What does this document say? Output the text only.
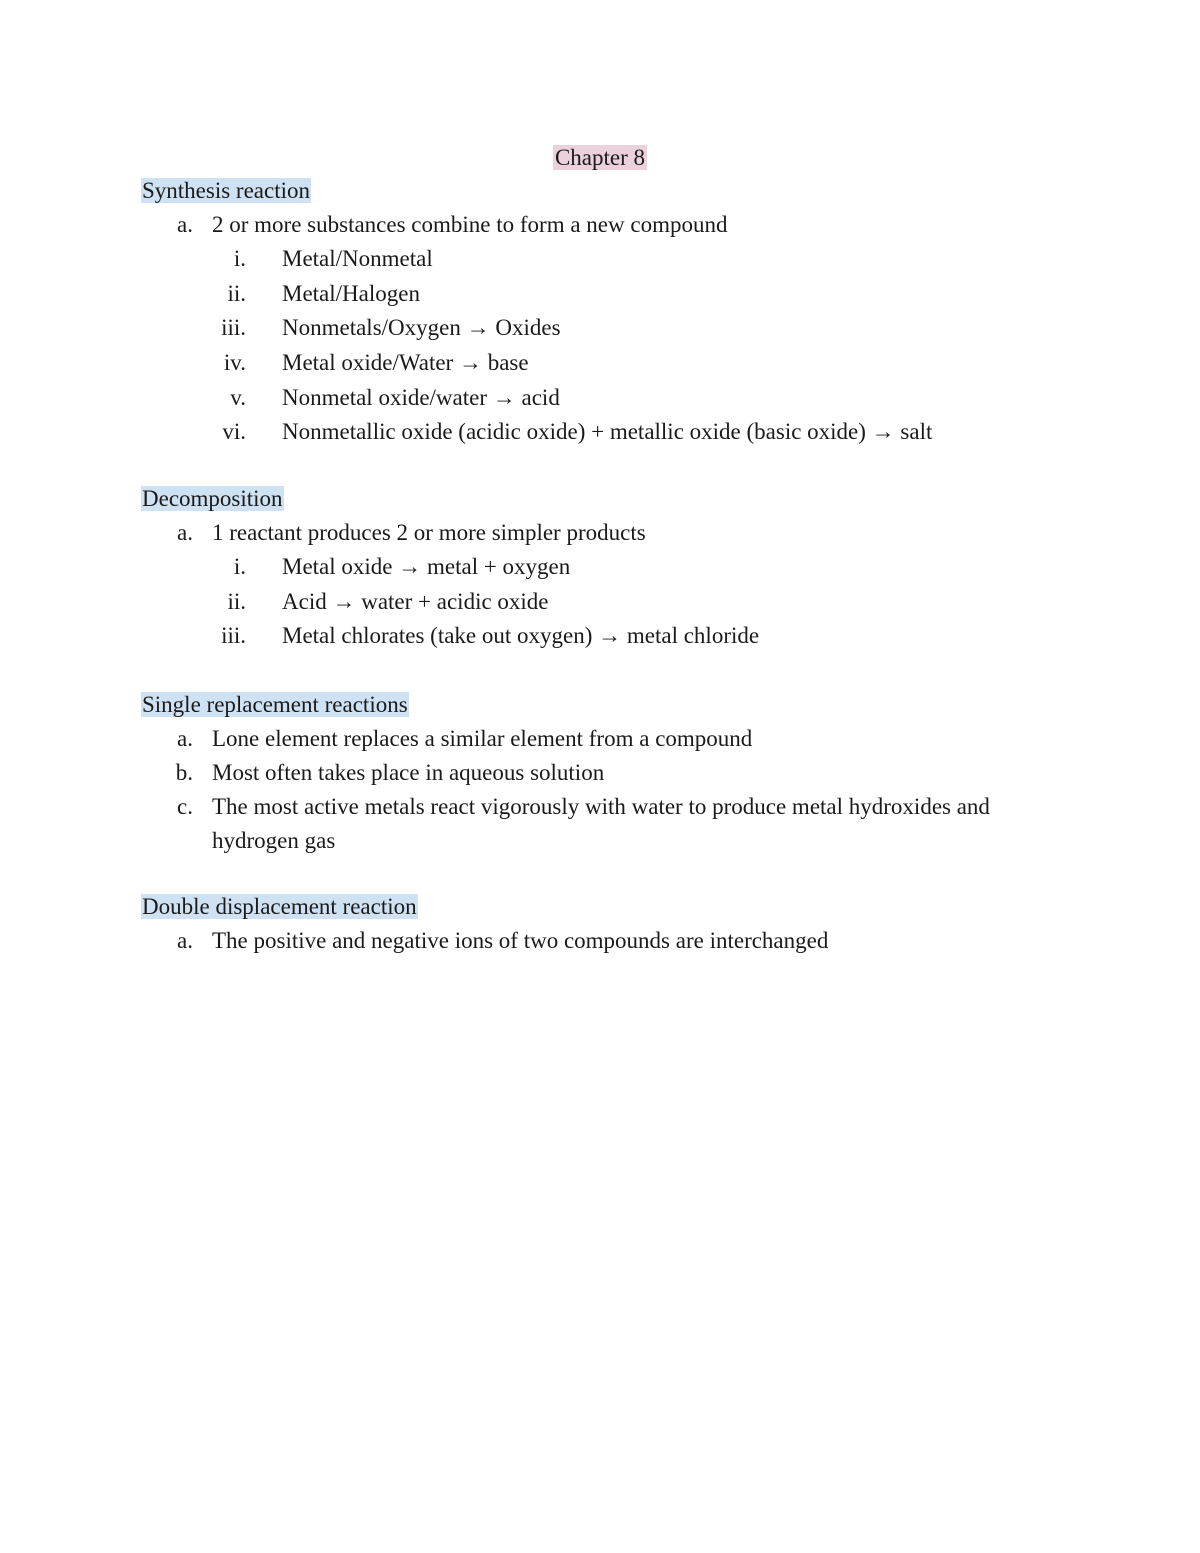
Chapter 8
Synthesis reaction
a. 2 or more substances combine to form a new compound
i. Metal/Nonmetal
ii. Metal/Halogen
iii. Nonmetals/Oxygen → Oxides
iv. Metal oxide/Water → base
v. Nonmetal oxide/water → acid
vi. Nonmetallic oxide (acidic oxide) + metallic oxide (basic oxide) → salt
Decomposition
a. 1 reactant produces 2 or more simpler products
i. Metal oxide → metal + oxygen
ii. Acid → water + acidic oxide
iii. Metal chlorates (take out oxygen) → metal chloride
Single replacement reactions
a. Lone element replaces a similar element from a compound
b. Most often takes place in aqueous solution
c. The most active metals react vigorously with water to produce metal hydroxides and hydrogen gas
Double displacement reaction
a. The positive and negative ions of two compounds are interchanged
